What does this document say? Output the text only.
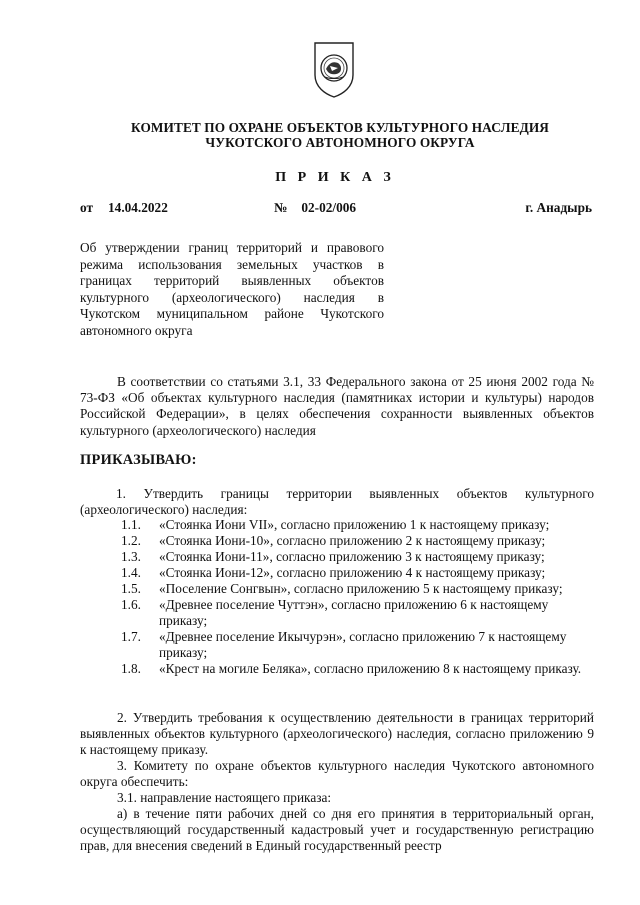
КОМИТЕТ ПО ОХРАНЕ ОБЪЕКТОВ КУЛЬТУРНОГО НАСЛЕДИЯ
ЧУКОТСКОГО АВТОНОМНОГО ОКРУГА
П Р И К А З
от 14.04.2022	№ 02-02/006	г. Анадырь
Об утверждении границ территорий и правового режима использования земельных участков в границах территорий выявленных объектов культурного (археологического) наследия в Чукотском муниципальном районе Чукотского автономного округа
В соответствии со статьями 3.1, 33 Федерального закона от 25 июня 2002 года № 73-ФЗ «Об объектах культурного наследия (памятниках истории и культуры) народов Российской Федерации», в целях обеспечения сохранности выявленных объектов культурного (археологического) наследия
ПРИКАЗЫВАЮ:
1. Утвердить границы территории выявленных объектов культурного (археологического) наследия:
1.1. «Стоянка Иони VII», согласно приложению 1 к настоящему приказу;
1.2. «Стоянка Иони-10», согласно приложению 2 к настоящему приказу;
1.3. «Стоянка Иони-11», согласно приложению 3 к настоящему приказу;
1.4. «Стоянка Иони-12», согласно приложению 4 к настоящему приказу;
1.5. «Поселение Сонгвын», согласно приложению 5 к настоящему приказу;
1.6. «Древнее поселение Чуттэн», согласно приложению 6 к настоящему приказу;
1.7. «Древнее поселение Икычурэн», согласно приложению 7 к настоящему приказу;
1.8. «Крест на могиле Беляка», согласно приложению 8 к настоящему приказу.
2. Утвердить требования к осуществлению деятельности в границах территорий выявленных объектов культурного (археологического) наследия, согласно приложению 9 к настоящему приказу.
3. Комитету по охране объектов культурного наследия Чукотского автономного округа обеспечить:
3.1. направление настоящего приказа:
а) в течение пяти рабочих дней со дня его принятия в территориальный орган, осуществляющий государственный кадастровый учет и государственную регистрацию прав, для внесения сведений в Единый государственный реестр
